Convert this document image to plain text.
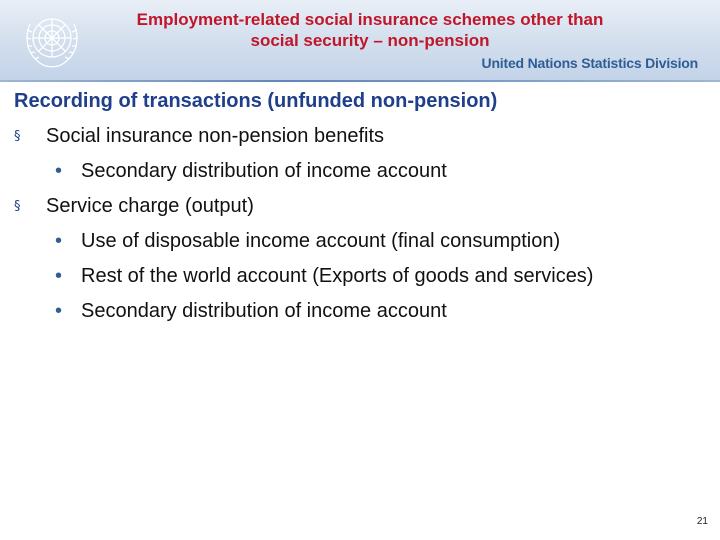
Employment-related social insurance schemes other than
social security – non-pension
United Nations Statistics Division
Recording of transactions (unfunded non-pension)
§ Social insurance non-pension benefits
• Secondary distribution of income account
§ Service charge (output)
• Use of disposable income account (final consumption)
• Rest of the world account (Exports of goods and services)
• Secondary distribution of income account
21
